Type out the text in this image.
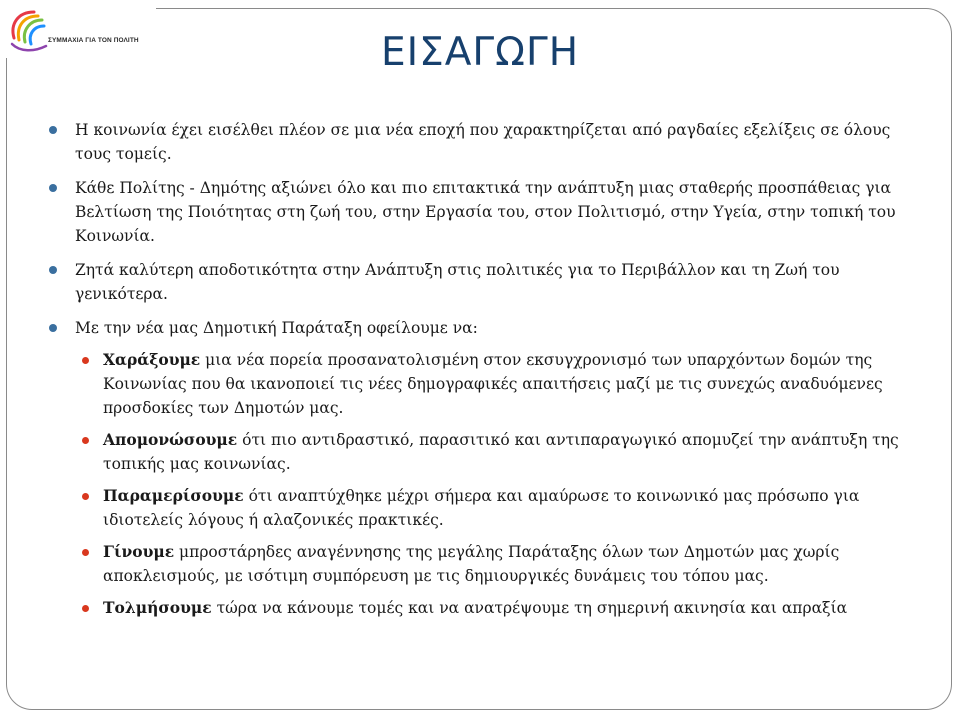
ΣΥΜΜΑΧΙΑ ΓΙΑ ΤΟΝ ΠΟΛΙΤΗ	ΕΙΣΑΓΩΓΗ
Η κοινωνία έχει εισέλθει πλέον σε μια νέα εποχή που χαρακτηρίζεται από ραγδαίες εξελίξεις σε όλους τους τομείς.
Κάθε Πολίτης - Δημότης αξιώνει όλο και πιο επιτακτικά την ανάπτυξη μιας σταθερής προσπάθειας για Βελτίωση της Ποιότητας στη ζωή του, στην Εργασία του, στον Πολιτισμό, στην Υγεία, στην τοπική του Κοινωνία.
Ζητά καλύτερη αποδοτικότητα στην Ανάπτυξη στις πολιτικές για το Περιβάλλον και τη Ζωή του γενικότερα.
Με την νέα μας Δημοτική Παράταξη οφείλουμε να:
Χαράξουμε μια νέα πορεία προσανατολισμένη στον εκσυγχρονισμό των υπαρχόντων δομών της Κοινωνίας που θα ικανοποιεί τις νέες δημογραφικές απαιτήσεις μαζί με τις συνεχώς αναδυόμενες προσδοκίες των Δημοτών μας.
Απομονώσουμε ότι πιο αντιδραστικό, παρασιτικό και αντιπαραγωγικό απομυζεί την ανάπτυξη της τοπικής μας κοινωνίας.
Παραμερίσουμε ότι αναπτύχθηκε μέχρι σήμερα και αμαύρωσε το κοινωνικό μας πρόσωπο για ιδιοτελείς λόγους ή αλαζονικές πρακτικές.
Γίνουμε μπροστάρηδες αναγέννησης της μεγάλης Παράταξης όλων των Δημοτών μας χωρίς αποκλεισμούς, με ισότιμη συμπόρευση με τις δημιουργικές δυνάμεις του τόπου μας.
Τολμήσουμε τώρα να κάνουμε τομές και να ανατρέψουμε τη σημερινή ακινησία και απραξία
